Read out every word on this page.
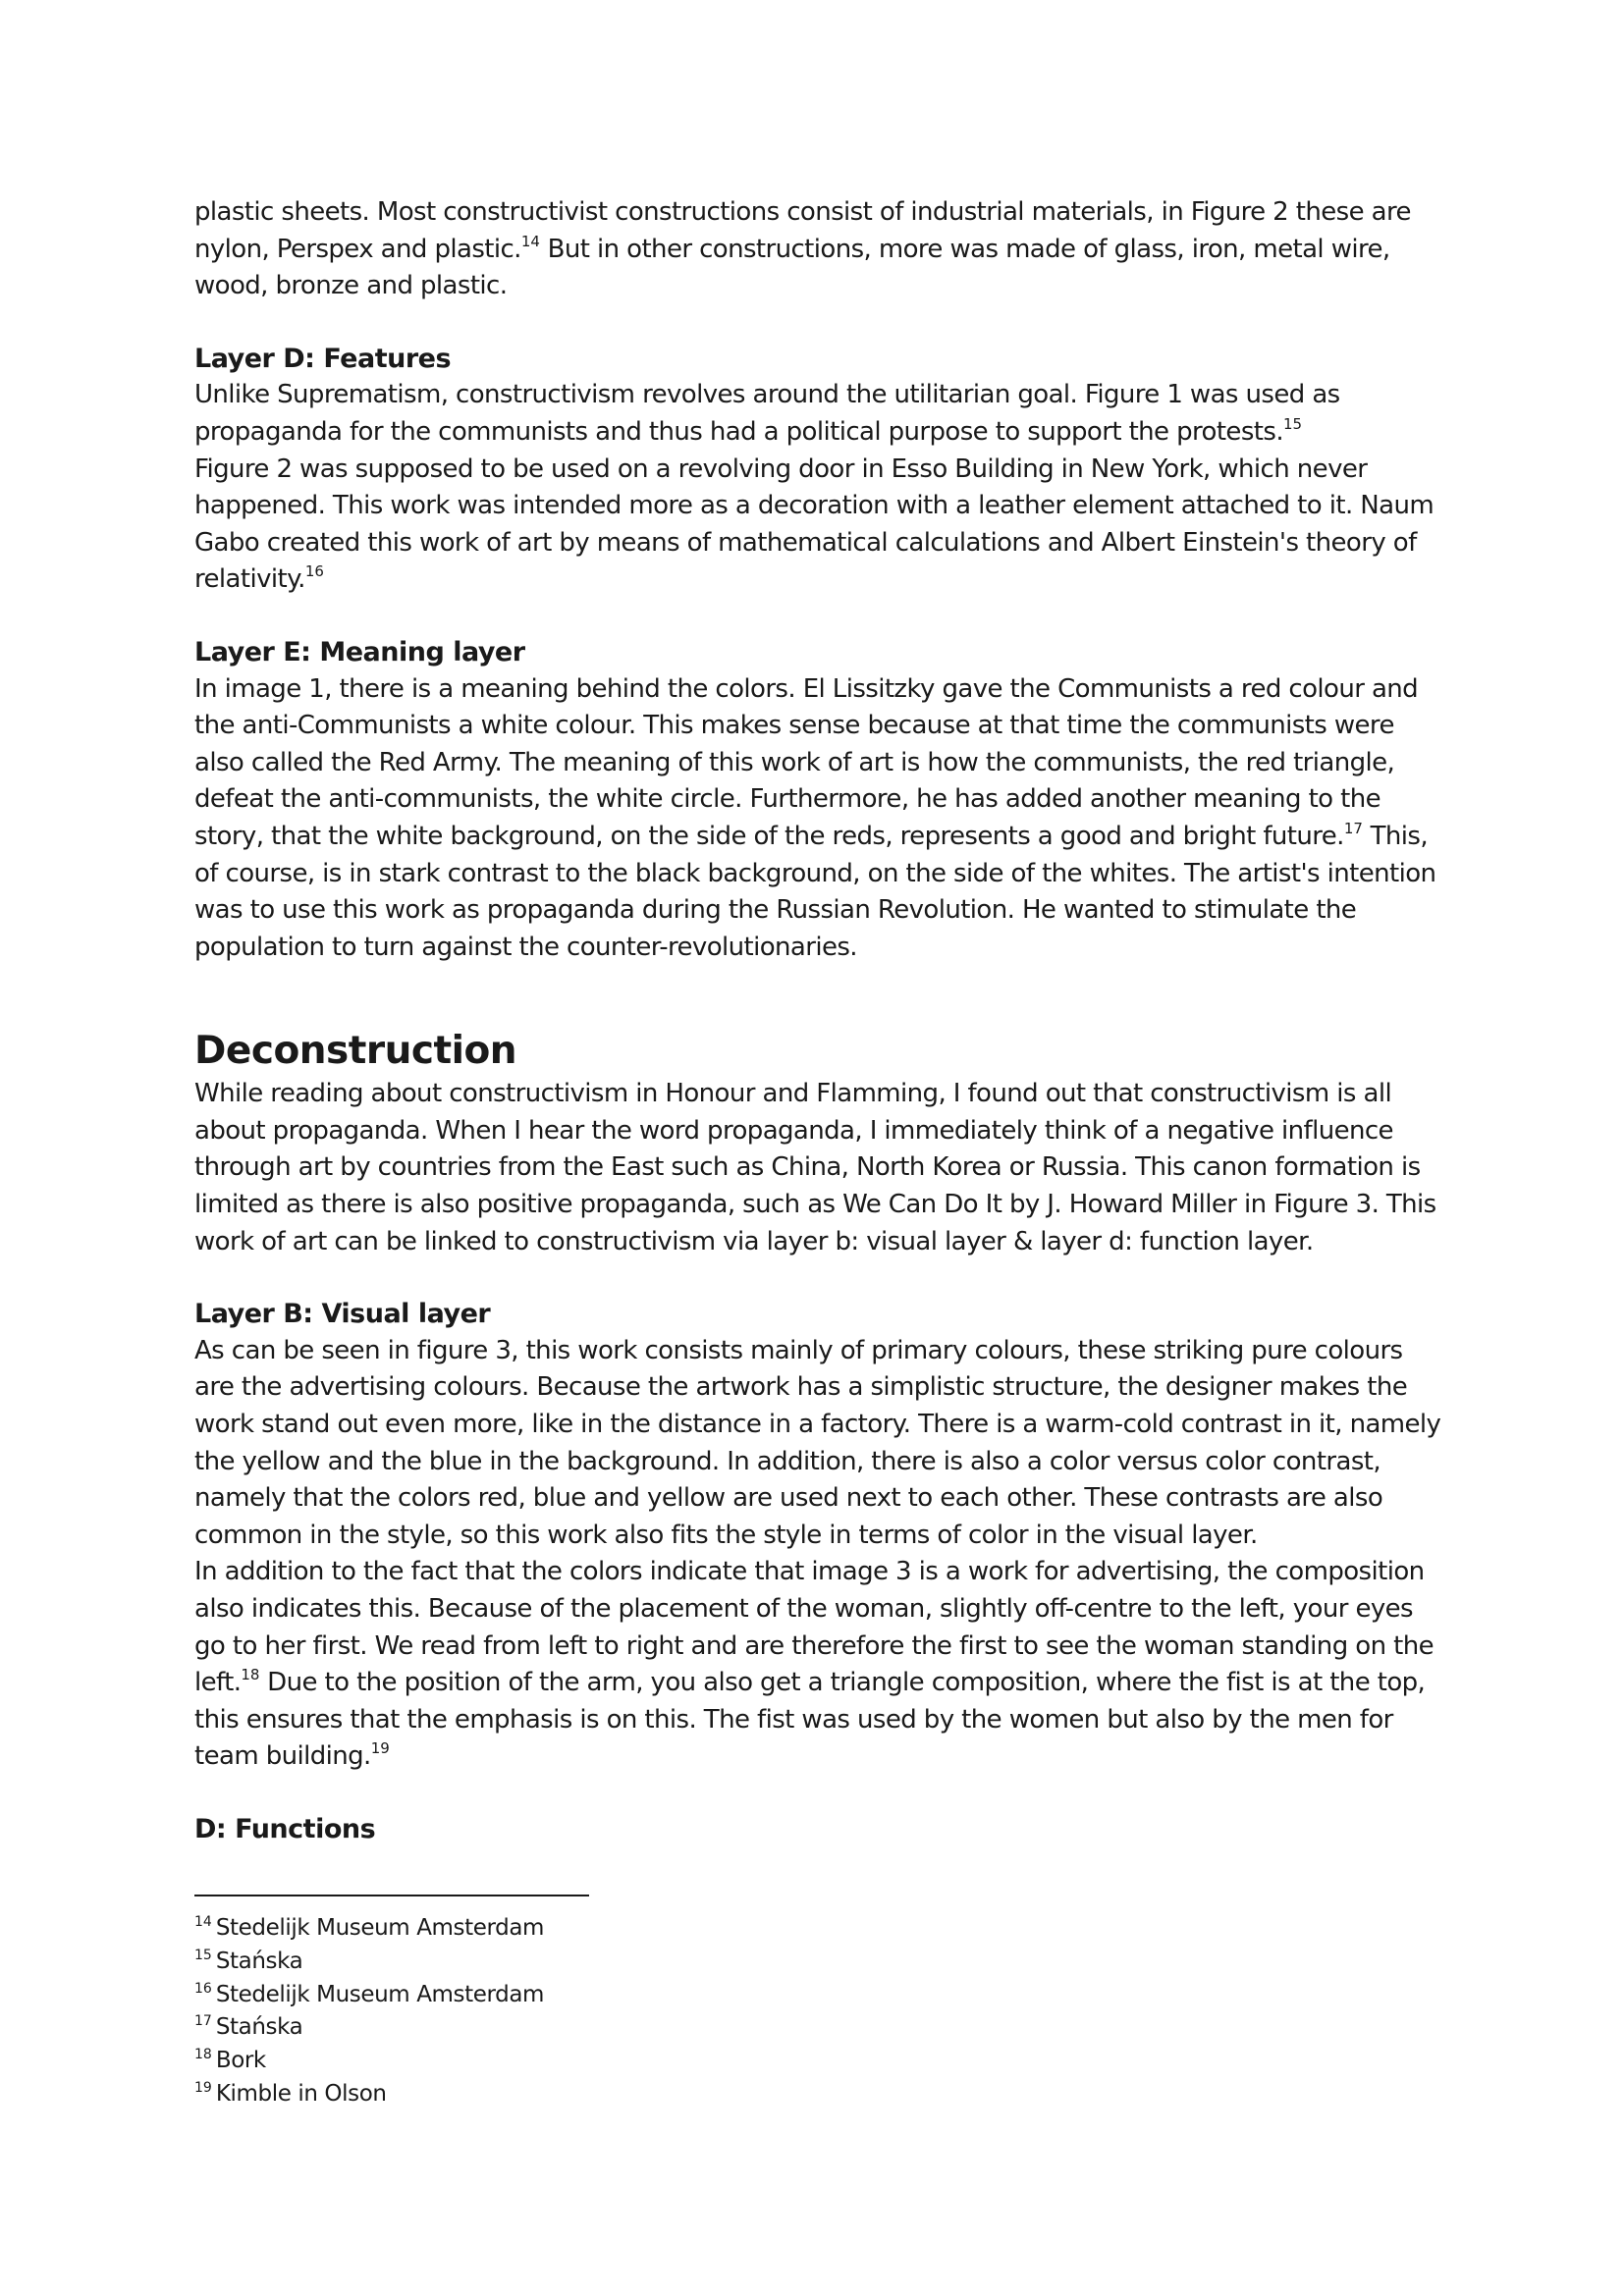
plastic sheets. Most constructivist constructions consist of industrial materials, in Figure 2 these are nylon, Perspex and plastic.$^{14}$ But in other constructions, more was made of glass, iron, metal wire, wood, bronze and plastic.

Layer D: Features

Unlike Suprematism, constructivism revolves around the utilitarian goal. Figure 1 was used as propaganda for the communists and thus had a political purpose to support the protests.$^{15}$

Figure 2 was supposed to be used on a revolving door in Esso Building in New York, which never happened. This work was intended more as a decoration with a leather element attached to it. Naum Gabo created this work of art by means of mathematical calculations and Albert Einstein's theory of relativity.$^{16}$

Layer E: Meaning layer

In image 1, there is a meaning behind the colors. El Lissitzky gave the Communists a red colour and the anti-Communists a white colour. This makes sense because at that time the communists were also called the Red Army. The meaning of this work of art is how the communists, the red triangle, defeat the anti-communists, the white circle. Furthermore, he has added another meaning to the story, that the white background, on the side of the reds, represents a good and bright future.$^{17}$ This, of course, is in stark contrast to the black background, on the side of the whites. The artist's intention was to use this work as propaganda during the Russian Revolution. He wanted to stimulate the population to turn against the counter-revolutionaries.

Deconstruction

While reading about constructivism in Honour and Flamming, I found out that constructivism is all about propaganda. When I hear the word propaganda, I immediately think of a negative influence through art by countries from the East such as China, North Korea or Russia. This canon formation is limited as there is also positive propaganda, such as We Can Do It by J. Howard Miller in Figure 3. This work of art can be linked to constructivism via layer b: visual layer & layer d: function layer.

Layer B: Visual layer

As can be seen in figure 3, this work consists mainly of primary colours, these striking pure colours are the advertising colours. Because the artwork has a simplistic structure, the designer makes the work stand out even more, like in the distance in a factory. There is a warm-cold contrast in it, namely the yellow and the blue in the background. In addition, there is also a color versus color contrast, namely that the colors red, blue and yellow are used next to each other. These contrasts are also common in the style, so this work also fits the style in terms of color in the visual layer.

In addition to the fact that the colors indicate that image 3 is a work for advertising, the composition also indicates this. Because of the placement of the woman, slightly off-centre to the left, your eyes go to her first. We read from left to right and are therefore the first to see the woman standing on the left.$^{18}$ Due to the position of the arm, you also get a triangle composition, where the fist is at the top, this ensures that the emphasis is on this. The fist was used by the women but also by the men for team building.$^{19}$

D: Functions
$^{14}$ Stedelijk Museum Amsterdam
$^{15}$ Stańska
$^{16}$ Stedelijk Museum Amsterdam
$^{17}$ Stańska
$^{18}$ Bork
$^{19}$ Kimble in Olson
